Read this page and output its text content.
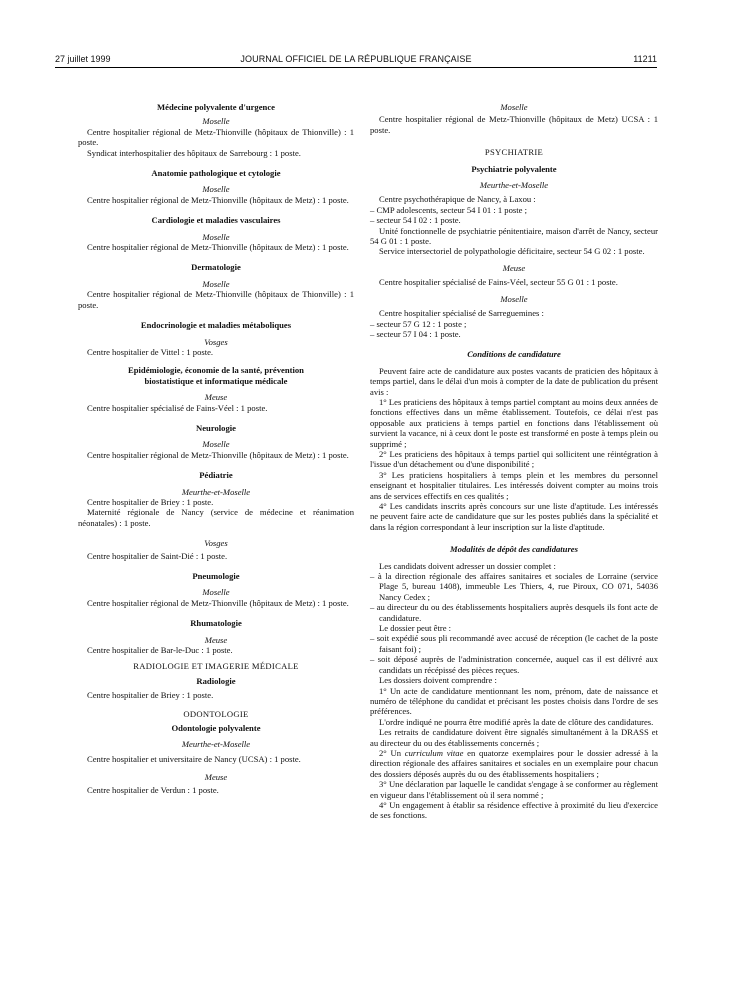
27 juillet 1999	JOURNAL OFFICIEL DE LA RÉPUBLIQUE FRANÇAISE	11211

Médecine polyvalente d'urgence

Moselle

Centre hospitalier régional de Metz-Thionville (hôpitaux de Thionville) : 1 poste.

Syndicat interhospitalier des hôpitaux de Sarrebourg : 1 poste.

Anatomie pathologique et cytologie

Moselle

Centre hospitalier régional de Metz-Thionville (hôpitaux de Metz) : 1 poste.

Cardiologie et maladies vasculaires

Moselle

Centre hospitalier régional de Metz-Thionville (hôpitaux de Metz) : 1 poste.

Dermatologie

Moselle

Centre hospitalier régional de Metz-Thionville (hôpitaux de Thionville) : 1 poste.

Endocrinologie et maladies métaboliques

Vosges

Centre hospitalier de Vittel : 1 poste.

Epidémiologie, économie de la santé, prévention

biostatistique et informatique médicale

Meuse

Centre hospitalier spécialisé de Fains-Véel : 1 poste.

Neurologie

Moselle

Centre hospitalier régional de Metz-Thionville (hôpitaux de Metz) : 1 poste.

Pédiatrie

Meurthe-et-Moselle

Centre hospitalier de Briey : 1 poste.

Maternité régionale de Nancy (service de médecine et réanimation néonatales) : 1 poste.

Vosges

Centre hospitalier de Saint-Dié : 1 poste.

Pneumologie

Moselle

Centre hospitalier régional de Metz-Thionville (hôpitaux de Metz) : 1 poste.

Rhumatologie

Meuse

Centre hospitalier de Bar-le-Duc : 1 poste.

RADIOLOGIE ET IMAGERIE MÉDICALE

Radiologie

Centre hospitalier de Briey : 1 poste.

ODONTOLOGIE

Odontologie polyvalente

Meurthe-et-Moselle

Centre hospitalier et universitaire de Nancy (UCSA) : 1 poste.

Meuse

Centre hospitalier de Verdun : 1 poste.

Moselle

Centre hospitalier régional de Metz-Thionville (hôpitaux de Metz) UCSA : 1 poste.

PSYCHIATRIE

Psychiatrie polyvalente

Meurthe-et-Moselle

Centre psychothérapique de Nancy, à Laxou :

– CMP adolescents, secteur 54 I 01 : 1 poste ;
– secteur 54 I 02 : 1 poste.

Unité fonctionnelle de psychiatrie pénitentiaire, maison d'arrêt de Nancy, secteur 54 G 01 : 1 poste.

Service intersectoriel de polypathologie déficitaire, secteur 54 G 02 : 1 poste.

Meuse

Centre hospitalier spécialisé de Fains-Véel, secteur 55 G 01 : 1 poste.

Moselle

Centre hospitalier spécialisé de Sarreguemines :

– secteur 57 G 12 : 1 poste ;
– secteur 57 I 04 : 1 poste.

Conditions de candidature

Peuvent faire acte de candidature aux postes vacants de praticien des hôpitaux à temps partiel, dans le délai d'un mois à compter de la date de publication du présent avis :

1° Les praticiens des hôpitaux à temps partiel comptant au moins deux années de fonctions effectives dans un même établissement. Toutefois, ce délai n'est pas opposable aux praticiens à temps partiel en fonctions dans l'établissement où survient la vacance, ni à ceux dont le poste est transformé en poste à temps plein ou supprimé ;

2° Les praticiens des hôpitaux à temps partiel qui sollicitent une réintégration à l'issue d'un détachement ou d'une disponibilité ;

3° Les praticiens hospitaliers à temps plein et les membres du personnel enseignant et hospitalier titulaires. Les intéressés doivent compter au moins trois ans de services effectifs en ces qualités ;

4° Les candidats inscrits après concours sur une liste d'aptitude. Les intéressés ne peuvent faire acte de candidature que sur les postes publiés dans la spécialité et dans la région correspondant à leur inscription sur la liste d'aptitude.

Modalités de dépôt des candidatures

Les candidats doivent adresser un dossier complet :

– à la direction régionale des affaires sanitaires et sociales de Lorraine (service Plage 5, bureau 1408), immeuble Les Thiers, 4, rue Piroux, CO 071, 54036 Nancy Cedex ;
– au directeur du ou des établissements hospitaliers auprès desquels ils font acte de candidature.

Le dossier peut être :

– soit expédié sous pli recommandé avec accusé de réception (le cachet de la poste faisant foi) ;
– soit déposé auprès de l'administration concernée, auquel cas il est délivré aux candidats un récépissé des pièces reçues.

Les dossiers doivent comprendre :

1° Un acte de candidature mentionnant les nom, prénom, date de naissance et numéro de téléphone du candidat et précisant les postes choisis dans l'ordre de ses préférences.

L'ordre indiqué ne pourra être modifié après la date de clôture des candidatures.

Les retraits de candidature doivent être signalés simultanément à la DRASS et au directeur du ou des établissements concernés ;

2° Un curriculum vitae en quatorze exemplaires pour le dossier adressé à la direction régionale des affaires sanitaires et sociales en un exemplaire pour chacun des dossiers déposés auprès du ou des établissements hospitaliers ;

3° Une déclaration par laquelle le candidat s'engage à se conformer au règlement en vigueur dans l'établissement où il sera nommé ;

4° Un engagement à établir sa résidence effective à proximité du lieu d'exercice de ses fonctions.
